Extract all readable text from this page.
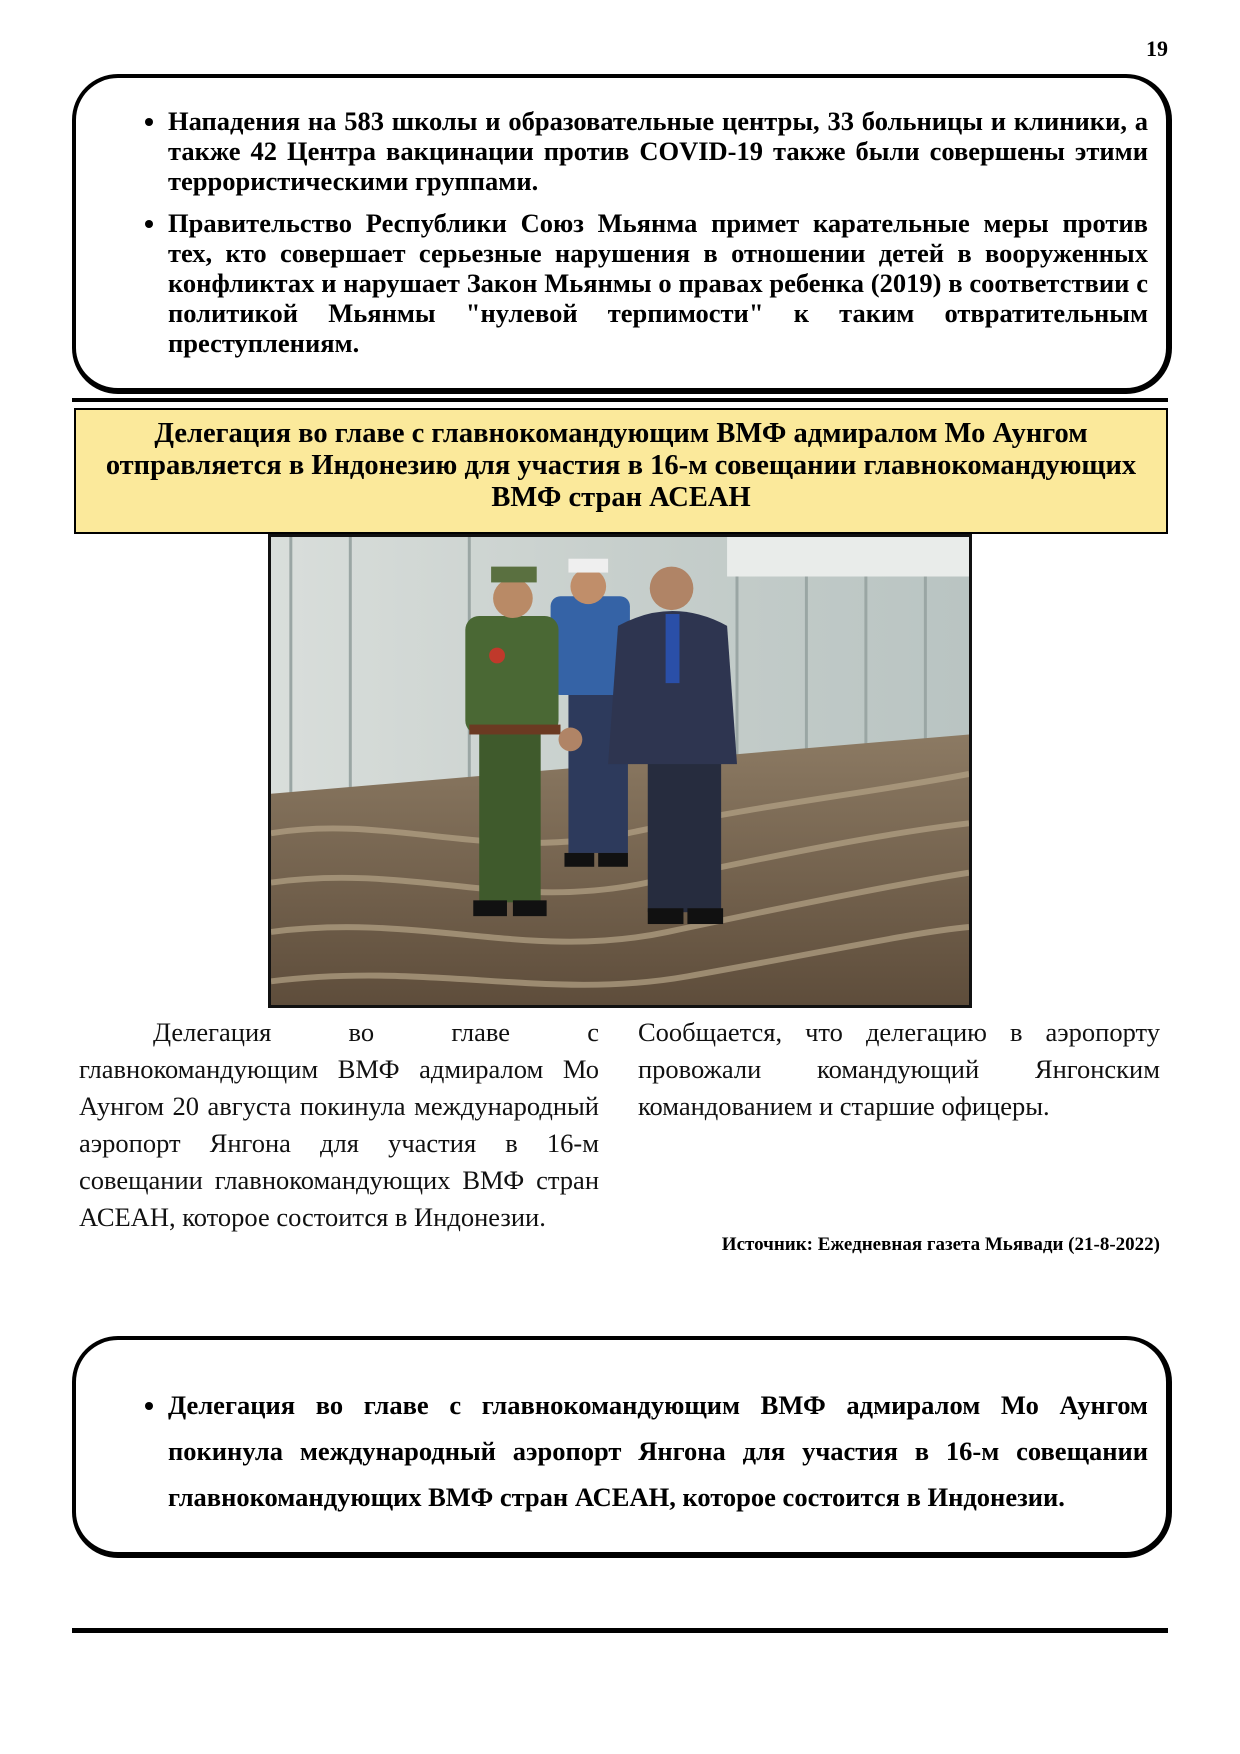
19
• Нападения на 583 школы и образовательные центры, 33 больницы и клиники, а также 42 Центра вакцинации против COVID-19 также были совершены этими террористическими группами.
• Правительство Республики Союз Мьянма примет карательные меры против тех, кто совершает серьезные нарушения в отношении детей в вооруженных конфликтах и нарушает Закон Мьянмы о правах ребенка (2019) в соответствии с политикой Мьянмы "нулевой терпимости" к таким отвратительным преступлениям.
Делегация во главе с главнокомандующим ВМФ адмиралом Мо Аунгом отправляется в Индонезию для участия в 16-м совещании главнокомандующих ВМФ стран АСЕАН
Делегация во главе с главнокомандующим ВМФ адмиралом Мо Аунгом 20 августа покинула международный аэропорт Янгона для участия в 16-м совещании главнокомандующих ВМФ стран АСЕАН, которое состоится в Индонезии.
Сообщается, что делегацию в аэропорту провожали командующий Янгонским командованием и старшие офицеры.
Источник: Ежедневная газета Мьявади (21-8-2022)
• Делегация во главе с главнокомандующим ВМФ адмиралом Мо Аунгом покинула международный аэропорт Янгона для участия в 16-м совещании главнокомандующих ВМФ стран АСЕАН, которое состоится в Индонезии.
